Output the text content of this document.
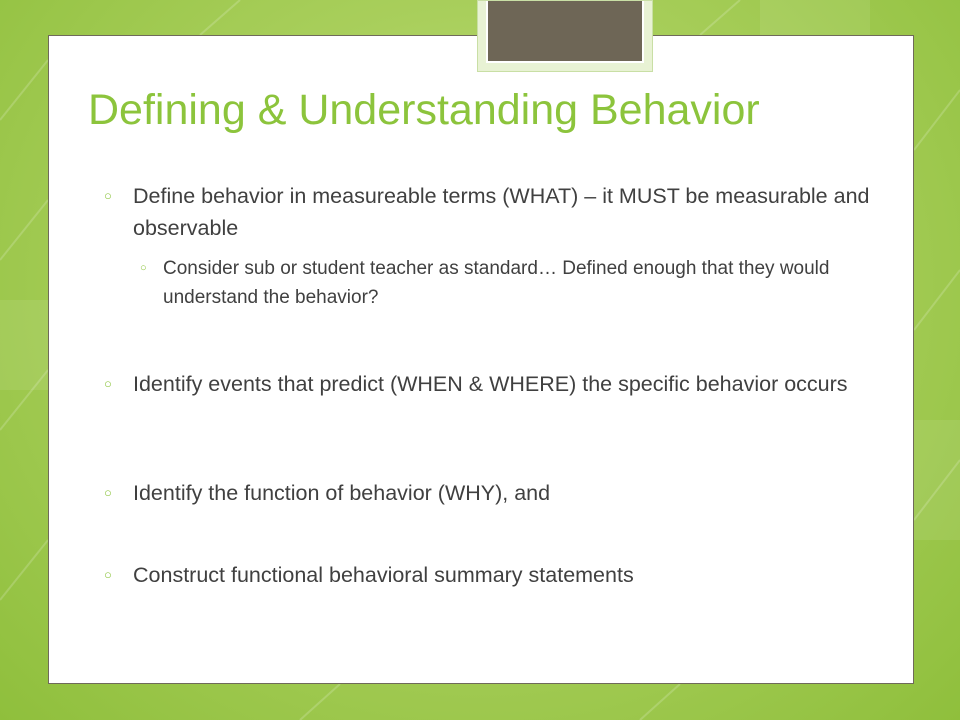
Defining & Understanding Behavior
○ Define behavior in measureable terms (WHAT) – it MUST be measurable and observable
○ Consider sub or student teacher as standard… Defined enough that they would understand the behavior?
○ Identify events that predict (WHEN & WHERE) the specific behavior occurs
○ Identify the function of behavior (WHY), and
○ Construct functional behavioral summary statements
